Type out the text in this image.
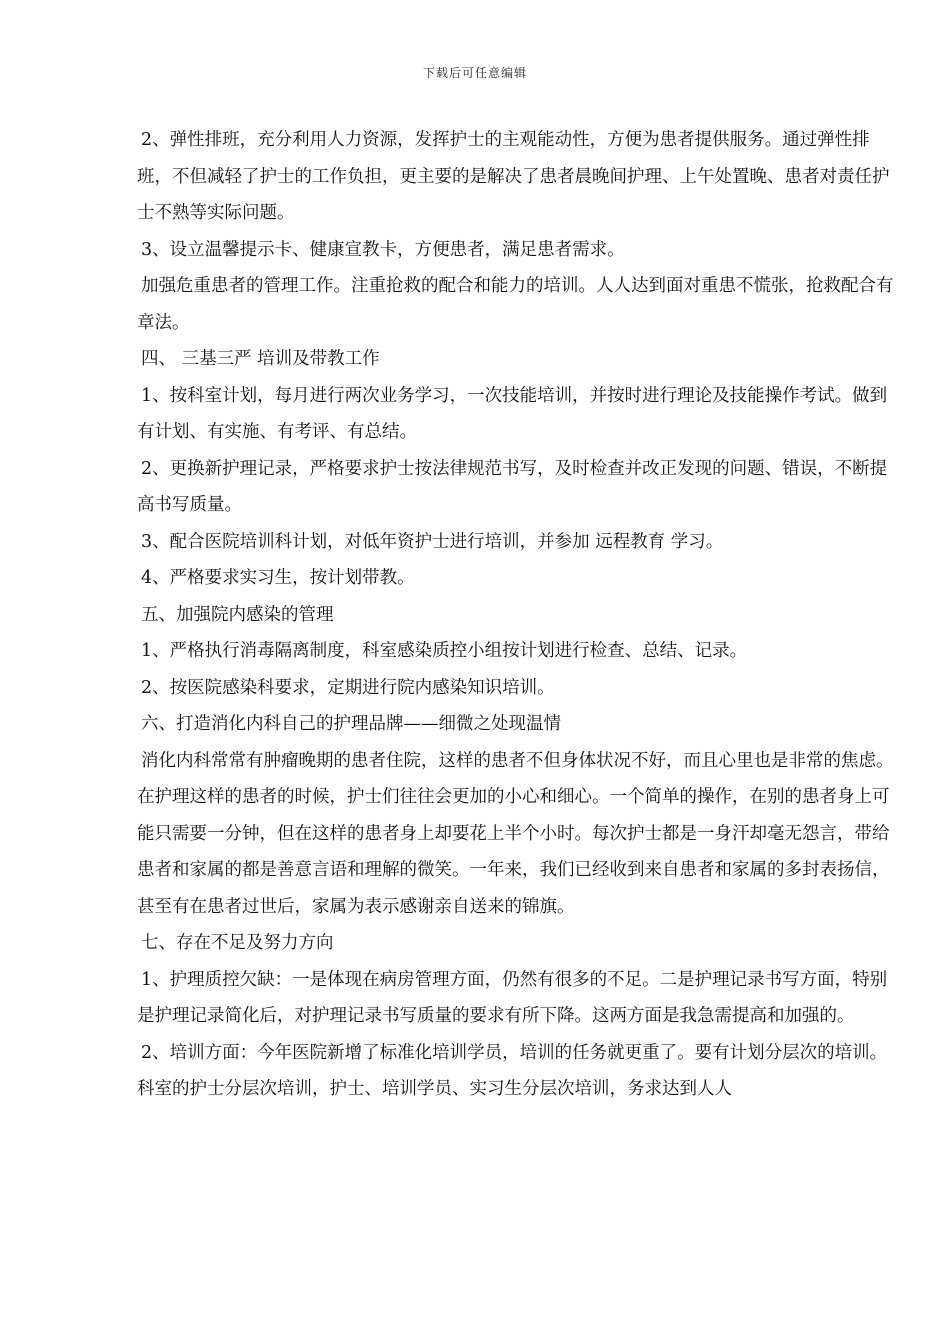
下载后可任意编辑

2、弹性排班，充分利用人力资源，发挥护士的主观能动性，方便为患者提供服务。通过弹性排班，不但减轻了护士的工作负担，更主要的是解决了患者晨晚间护理、上午处置晚、患者对责任护士不熟等实际问题。

3、设立温馨提示卡、健康宣教卡，方便患者，满足患者需求。

加强危重患者的管理工作。注重抢救的配合和能力的培训。人人达到面对重患不慌张，抢救配合有章法。

四、 三基三严 培训及带教工作

1、按科室计划，每月进行两次业务学习，一次技能培训，并按时进行理论及技能操作考试。做到有计划、有实施、有考评、有总结。

2、更换新护理记录，严格要求护士按法律规范书写，及时检查并改正发现的问题、错误，不断提高书写质量。

3、配合医院培训科计划，对低年资护士进行培训，并参加 远程教育 学习。

4、严格要求实习生，按计划带教。

五、加强院内感染的管理

1、严格执行消毒隔离制度，科室感染质控小组按计划进行检查、总结、记录。

2、按医院感染科要求，定期进行院内感染知识培训。

六、打造消化内科自己的护理品牌——细微之处现温情

消化内科常常有肿瘤晚期的患者住院，这样的患者不但身体状况不好，而且心里也是非常的焦虑。在护理这样的患者的时候，护士们往往会更加的小心和细心。一个简单的操作，在别的患者身上可能只需要一分钟，但在这样的患者身上却要花上半个小时。每次护士都是一身汗却毫无怨言，带给患者和家属的都是善意言语和理解的微笑。一年来，我们已经收到来自患者和家属的多封表扬信，甚至有在患者过世后，家属为表示感谢亲自送来的锦旗。

七、存在不足及努力方向

1、护理质控欠缺：一是体现在病房管理方面，仍然有很多的不足。二是护理记录书写方面，特别是护理记录简化后，对护理记录书写质量的要求有所下降。这两方面是我急需提高和加强的。

2、培训方面：今年医院新增了标准化培训学员，培训的任务就更重了。要有计划分层次的培训。科室的护士分层次培训，护士、培训学员、实习生分层次培训，务求达到人人
